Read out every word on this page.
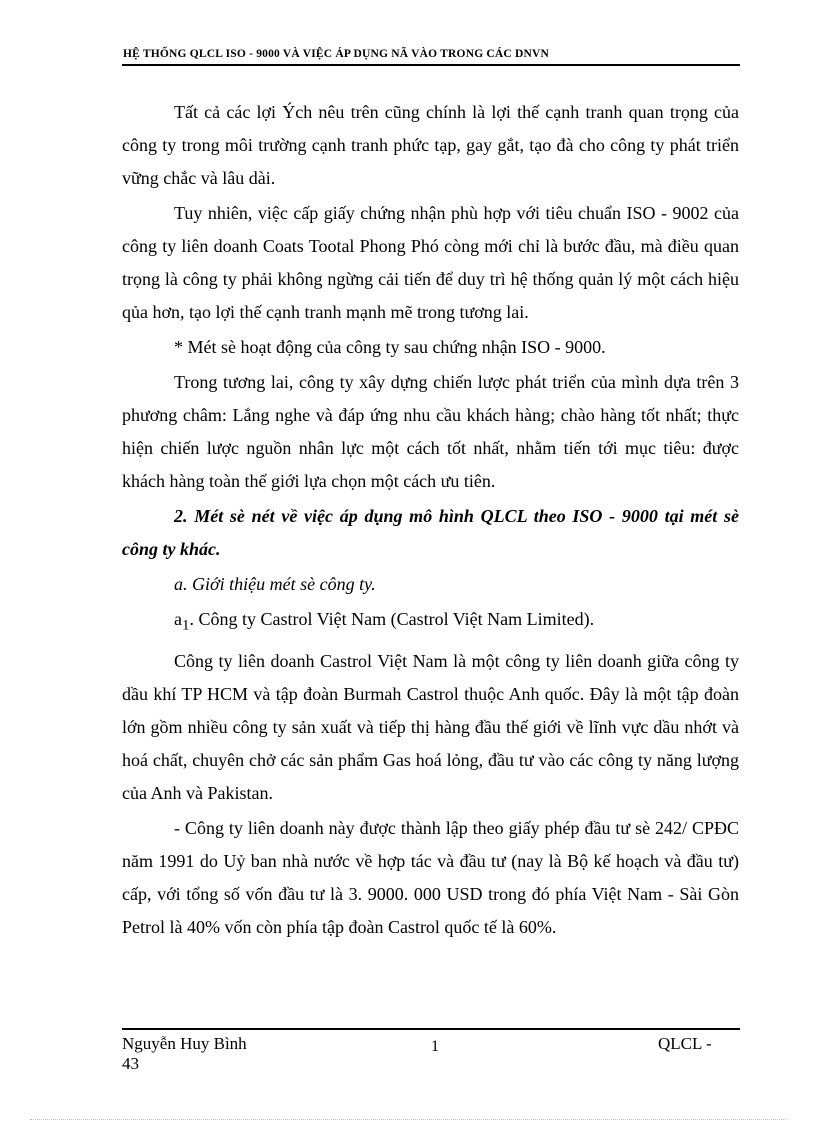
HỆ THỐNG QLCL ISO - 9000 VÀ VIỆC ÁP DỤNG NÃ VÀO TRONG CÁC DNVN

Tất cả các lợi Ých nêu trên cũng chính là lợi thế cạnh tranh quan trọng của công ty trong môi trường cạnh tranh phức tạp, gay gắt, tạo đà cho công ty phát triển vững chắc và lâu dài.

Tuy nhiên, việc cấp giấy chứng nhận phù hợp với tiêu chuẩn ISO - 9002 của công ty liên doanh Coats Tootal Phong Phó còng mới chỉ là bước đầu, mà điều quan trọng là công ty phải không ngừng cải tiến để duy trì hệ thống quản lý một cách hiệu qủa hơn, tạo lợi thế cạnh tranh mạnh mẽ trong tương lai.

* Mét sè hoạt động của công ty sau chứng nhận ISO - 9000.

Trong tương lai, công ty xây dựng chiến lược phát triển của mình dựa trên 3 phương châm: Lắng nghe và đáp ứng nhu cầu khách hàng; chào hàng tốt nhất; thực hiện chiến lược nguồn nhân lực một cách tốt nhất, nhằm tiến tới mục tiêu: được khách hàng toàn thế giới lựa chọn một cách ưu tiên.

2. Mét sè nét về việc áp dụng mô hình QLCL theo ISO - 9000 tại mét sè công ty khác.

a. Giới thiệu mét sè công ty.

$a_1$. Công ty Castrol Việt Nam (Castrol Việt Nam Limited).

Công ty liên doanh Castrol Việt Nam là một công ty liên doanh giữa công ty dầu khí TP HCM và tập đoàn Burmah Castrol thuộc Anh quốc. Đây là một tập đoàn lớn gồm nhiều công ty sản xuất và tiếp thị hàng đầu thế giới về lĩnh vực dầu nhớt và hoá chất, chuyên chở các sản phẩm Gas hoá lỏng, đầu tư vào các công ty năng lượng của Anh và Pakistan.

- Công ty liên doanh này được thành lập theo giấy phép đầu tư sè 242/ CPĐC năm 1991 do Uỷ ban nhà nước về hợp tác và đầu tư (nay là Bộ kế hoạch và đầu tư) cấp, với tổng số vốn đầu tư là 3. 9000. 000 USD trong đó phía Việt Nam - Sài Gòn Petrol là 40% vốn còn phía tập đoàn Castrol quốc tế là 60%.

Nguyễn Huy Bình
43
1	QLCL -
